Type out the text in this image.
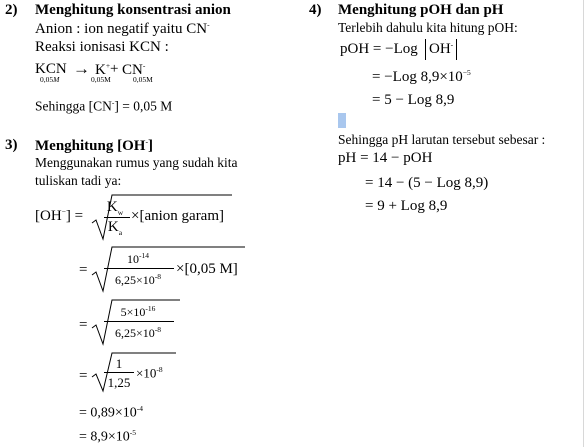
2) Menghitung konsentrasi anion
Anion : ion negatif yaitu CN-
Reaksi ionisasi KCN :
KCN → K+ + CN-
0,05M	0,05M	0,05M
Sehingga [CN-] = 0,05 M
3) Menghitung [OH-]
Menggunakan rumus yang sudah kita
tuliskan tadi ya:
[OH−] =
$K_w$
$K_a$
×[anion garam]
=
$10^{-14}$
$6,25\times 10^{-8} \times[0,05$ M]
=
$5\times 10^{-16}$
$6,25\times 10^{-8}$
=
1
1,25
$\times 10^{-8}$
= $0,89\times 10^{-4}$
= $8,9\times 10^{-5}$
4) Menghitung pOH dan pH
Terlebih dahulu kita hitung pOH:
pOH = −Log OH-
= −Log $8,9\times 10^{-5}$
= 5 − Log 8,9
Sehingga pH larutan tersebut sebesar :
pH = 14 − pOH
= 14 − (5 − Log 8,9)
= 9 + Log 8,9
